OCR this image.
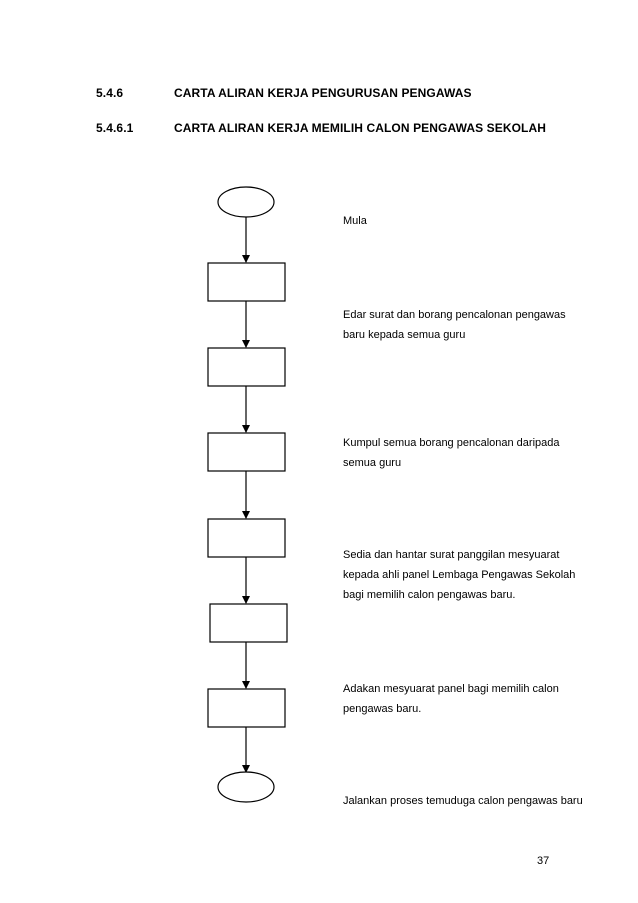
5.4.6	CARTA ALIRAN KERJA PENGURUSAN PENGAWAS
5.4.6.1	CARTA ALIRAN KERJA MEMILIH CALON PENGAWAS SEKOLAH
Mula
Edar surat dan borang pencalonan pengawas baru kepada semua guru
Kumpul semua borang pencalonan daripada semua guru
Sedia dan hantar surat panggilan mesyuarat kepada ahli panel Lembaga Pengawas Sekolah bagi memilih calon pengawas baru.
Adakan mesyuarat panel bagi memilih calon pengawas baru.
Jalankan proses temuduga calon pengawas baru
37
